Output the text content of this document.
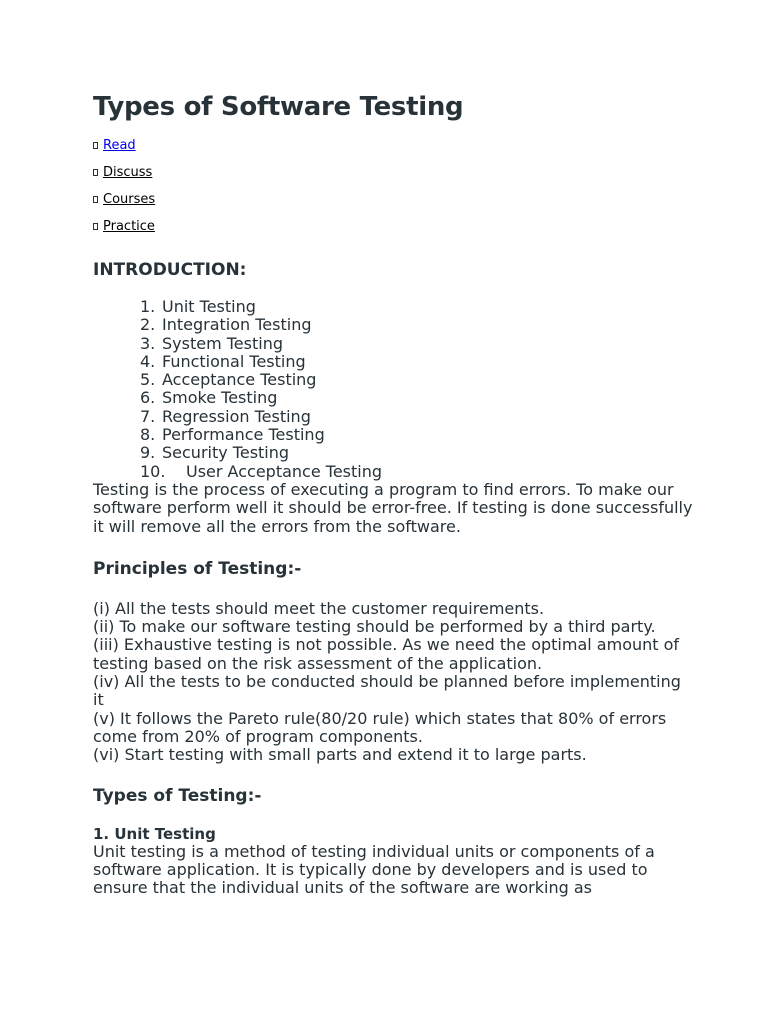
Types of Software Testing
Read
Discuss
Courses
Practice
INTRODUCTION:
1. Unit Testing
2. Integration Testing
3. System Testing
4. Functional Testing
5. Acceptance Testing
6. Smoke Testing
7. Regression Testing
8. Performance Testing
9. Security Testing
10.	User Acceptance Testing

Testing is the process of executing a program to find errors. To make our software perform well it should be error-free. If testing is done successfully it will remove all the errors from the software.

Principles of Testing:-

(i) All the tests should meet the customer requirements.

(ii) To make our software testing should be performed by a third party.

(iii) Exhaustive testing is not possible. As we need the optimal amount of testing based on the risk assessment of the application.

(iv) All the tests to be conducted should be planned before implementing it

(v) It follows the Pareto rule(80/20 rule) which states that 80% of errors come from 20% of program components.

(vi) Start testing with small parts and extend it to large parts.

Types of Testing:-
1. Unit Testing

Unit testing is a method of testing individual units or components of a software application. It is typically done by developers and is used to ensure that the individual units of the software are working as
